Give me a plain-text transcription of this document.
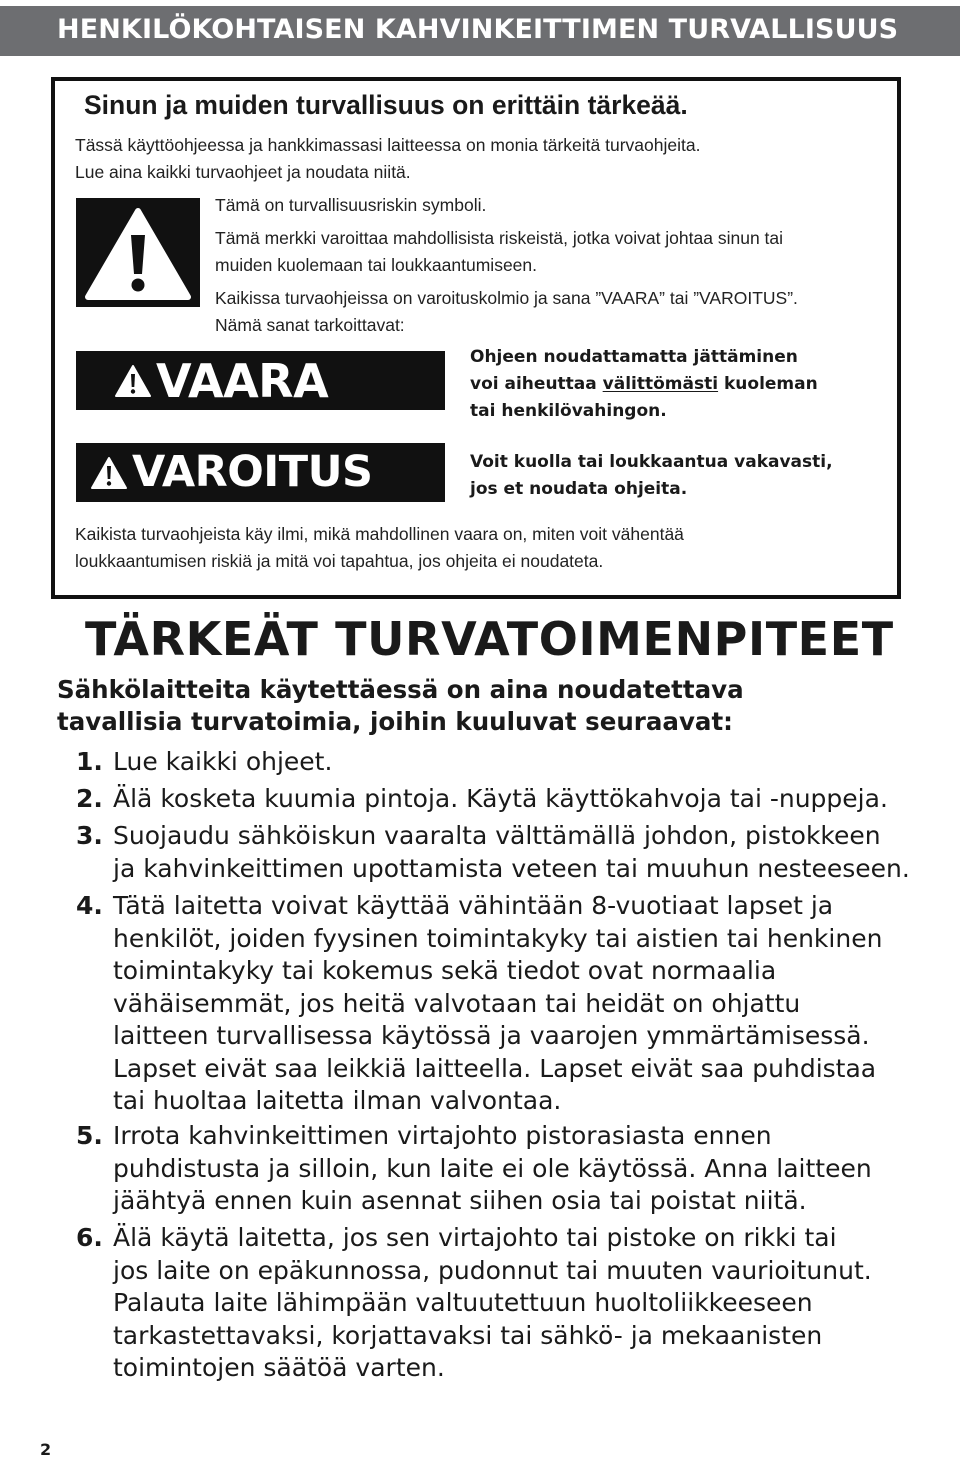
HENKILÖKOHTAISEN KAHVINKEITTIMEN TURVALLISUUS
Sinun ja muiden turvallisuus on erittäin tärkeää.
Tässä käyttöohjeessa ja hankkimassasi laitteessa on monia tärkeitä turvaohjeita.
Lue aina kaikki turvaohjeet ja noudata niitä.
Tämä on turvallisuusriskin symboli.
Tämä merkki varoittaa mahdollisista riskeistä, jotka voivat johtaa sinun tai
muiden kuolemaan tai loukkaantumiseen.
Kaikissa turvaohjeissa on varoituskolmio ja sana ”VAARA” tai ”VAROITUS”.
Nämä sanat tarkoittavat:
VAARA	Ohjeen noudattamatta jättäminen
voi aiheuttaa välittömästi kuoleman
tai henkilövahingon.
VAROITUS	Voit kuolla tai loukkaantua vakavasti,
jos et noudata ohjeita.
Kaikista turvaohjeista käy ilmi, mikä mahdollinen vaara on, miten voit vähentää
loukkaantumisen riskiä ja mitä voi tapahtua, jos ohjeita ei noudateta.
TÄRKEÄT TURVATOIMENPITEET
Sähkölaitteita käytettäessä on aina noudatettava
tavallisia turvatoimia, joihin kuuluvat seuraavat:
1. Lue kaikki ohjeet.
2. Älä kosketa kuumia pintoja. Käytä käyttökahvoja tai -nuppeja.
3. Suojaudu sähköiskun vaaralta välttämällä johdon, pistokkeen
ja kahvinkeittimen upottamista veteen tai muuhun nesteeseen.
4. Tätä laitetta voivat käyttää vähintään 8-vuotiaat lapset ja
henkilöt, joiden fyysinen toimintakyky tai aistien tai henkinen
toimintakyky tai kokemus sekä tiedot ovat normaalia
vähäisemmät, jos heitä valvotaan tai heidät on ohjattu
laitteen turvallisessa käytössä ja vaarojen ymmärtämisessä.
Lapset eivät saa leikkiä laitteella. Lapset eivät saa puhdistaa
tai huoltaa laitetta ilman valvontaa.
5. Irrota kahvinkeittimen virtajohto pistorasiasta ennen
puhdistusta ja silloin, kun laite ei ole käytössä. Anna laitteen
jäähtyä ennen kuin asennat siihen osia tai poistat niitä.
6. Älä käytä laitetta, jos sen virtajohto tai pistoke on rikki tai
jos laite on epäkunnossa, pudonnut tai muuten vaurioitunut.
Palauta laite lähimpään valtuutettuun huoltoliikkeeseen
tarkastettavaksi, korjattavaksi tai sähkö- ja mekaanisten
toimintojen säätöä varten.
2
